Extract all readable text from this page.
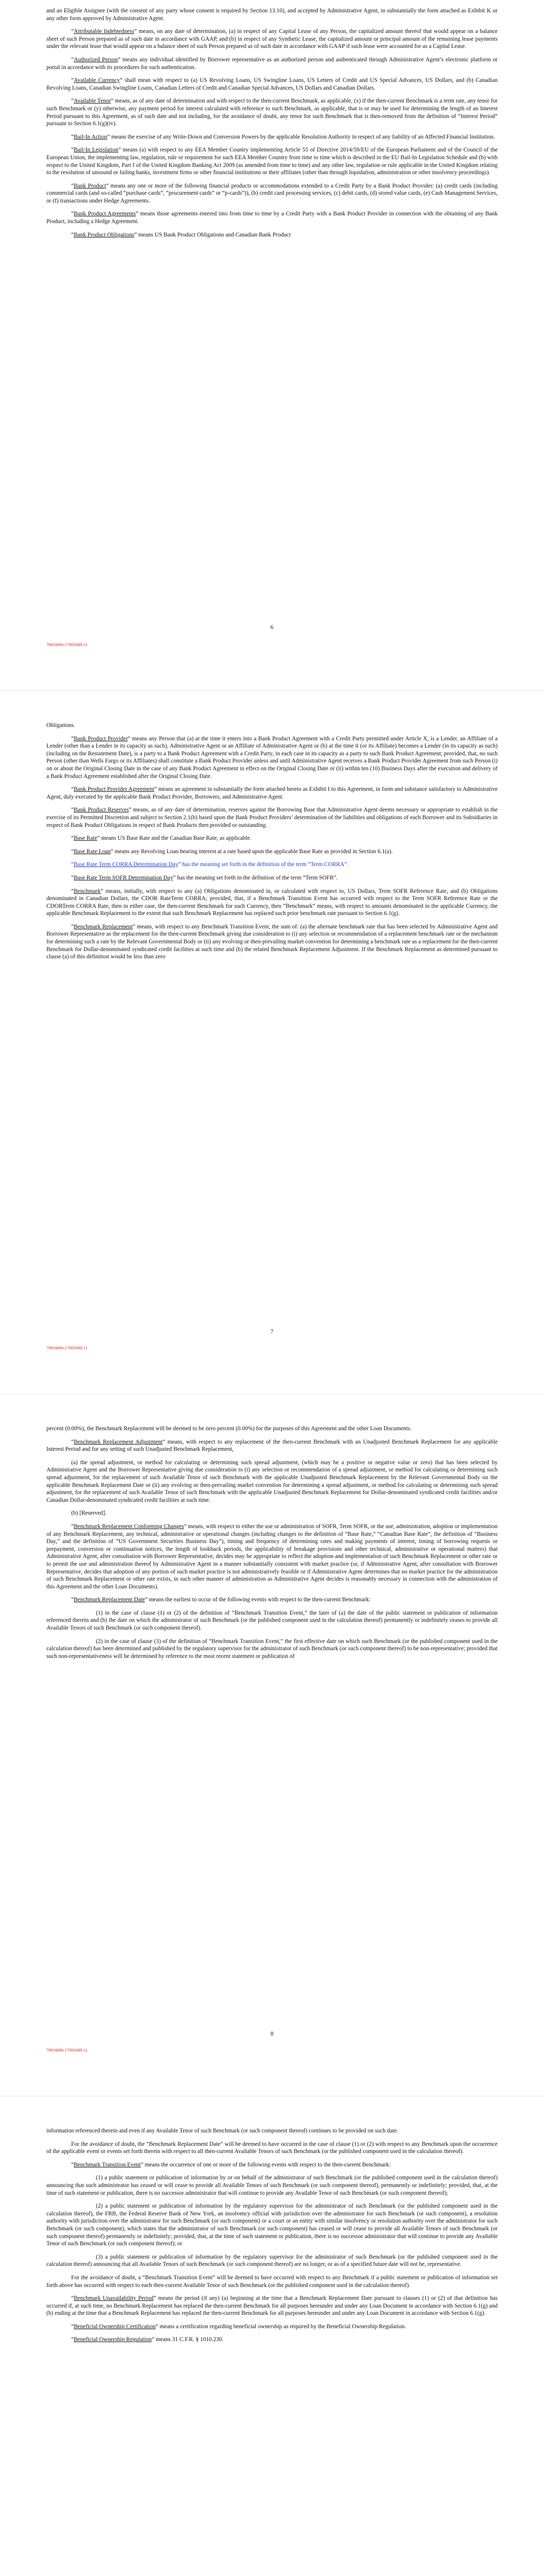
and an Eligible Assignee (with the consent of any party whose consent is required by Section 13.10), and accepted by Administrative Agent, in substantially the form attached as Exhibit K or any other form approved by Administrative Agent.

“Attributable Indebtedness” means, on any date of determination, (a) in respect of any Capital Lease of any Person, the capitalized amount thereof that would appear on a balance sheet of such Person prepared as of such date in accordance with GAAP, and (b) in respect of any Synthetic Lease, the capitalized amount or principal amount of the remaining lease payments under the relevant lease that would appear on a balance sheet of such Person prepared as of such date in accordance with GAAP if such lease were accounted for as a Capital Lease.

“Authorized Person” means any individual identified by Borrower representative as an authorized person and authenticated through Administrative Agent’s electronic platform or portal in accordance with its procedures for such authentication.

“Available Currency” shall mean with respect to (a) US Revolving Loans, US Swingline Loans, US Letters of Credit and US Special Advances, US Dollars, and (b) Canadian Revolving Loans, Canadian Swingline Loans, Canadian Letters of Credit and Canadian Special Advances, US Dollars and Canadian Dollars.

“Available Tenor” means, as of any date of determination and with respect to the then-current Benchmark, as applicable, (x) if the then-current Benchmark is a term rate, any tenor for such Benchmark or (y) otherwise, any payment period for interest calculated with reference to such Benchmark, as applicable, that is or may be used for determining the length of an Interest Period pursuant to this Agreement, as of such date and not including, for the avoidance of doubt, any tenor for such Benchmark that is then-removed from the definition of “Interest Period” pursuant to Section 6.1(g)(iv).

“Bail-In Action” means the exercise of any Write-Down and Conversion Powers by the applicable Resolution Authority in respect of any liability of an Affected Financial Institution.

“Bail-In Legislation” means (a) with respect to any EEA Member Country implementing Article 55 of Directive 2014/59/EU of the European Parliament and of the Council of the European Union, the implementing law, regulation, rule or requirement for such EEA Member Country from time to time which is described in the EU Bail-In Legislation Schedule and (b) with respect to the United Kingdom, Part I of the United Kingdom Banking Act 2009 (as amended from time to time) and any other law, regulation or rule applicable in the United Kingdom relating to the resolution of unsound or failing banks, investment firms or other financial institutions or their affiliates (other than through liquidation, administration or other insolvency proceedings).

“Bank Product” means any one or more of the following financial products or accommodations extended to a Credit Party by a Bank Product Provider: (a) credit cards (including commercial cards (and so-called “purchase cards”, “procurement cards” or “p-cards”)), (b) credit card processing services, (c) debit cards, (d) stored value cards, (e) Cash Management Services, or (f) transactions under Hedge Agreements.

“Bank Product Agreements” means those agreements entered into from time to time by a Credit Party with a Bank Product Provider in connection with the obtaining of any Bank Product, including a Hedge Agreement.

“Bank Product Obligations” means US Bank Product Obligations and Canadian Bank Product

6
7001669v.17001669.11

Obligations.

“Bank Product Provider” means any Person that (a) at the time it enters into a Bank Product Agreement with a Credit Party permitted under Article X, is a Lender, an Affiliate of a Lender (other than a Lender in its capacity as such), Administrative Agent or an Affiliate of Administrative Agent or (b) at the time it (or its Affiliate) becomes a Lender (in its capacity as such) (including on the Restatement Date), is a party to a Bank Product Agreement with a Credit Party, in each case in its capacity as a party to such Bank Product Agreement; provided, that, no such Person (other than Wells Fargo or its Affiliates) shall constitute a Bank Product Provider unless and until Administrative Agent receives a Bank Product Provider Agreement from such Person (i) on or about the Original Closing Date in the case of any Bank Product Agreement in effect on the Original Closing Date or (ii) within ten (10) Business Days after the execution and delivery of a Bank Product Agreement established after the Original Closing Date.

“Bank Product Provider Agreement” means an agreement in substantially the form attached hereto as Exhibit I to this Agreement, in form and substance satisfactory to Administrative Agent, duly executed by the applicable Bank Product Provider, Borrowers, and Administrative Agent.

“Bank Product Reserves” means, as of any date of determination, reserves against the Borrowing Base that Administrative Agent deems necessary or appropriate to establish in the exercise of its Permitted Discretion and subject to Section 2.1(b) based upon the Bank Product Providers’ determination of the liabilities and obligations of each Borrower and its Subsidiaries in respect of Bank Product Obligations in respect of Bank Products then provided or outstanding.

“Base Rate” means US Base Rate and the Canadian Base Rate, as applicable.

“Base Rate Loan” means any Revolving Loan bearing interest at a rate based upon the applicable Base Rate as provided in Section 6.1(a).

“Base Rate Term CORRA Determination Day” has the meaning set forth in the definition of the term “Term CORRA”.

“Base Rate Term SOFR Determination Day” has the meaning set forth in the definition of the term “Term SOFR”.

“Benchmark” means, initially, with respect to any (a) Obligations denominated in, or calculated with respect to, US Dollars, Term SOFR Reference Rate, and (b) Obligations denominated in Canadian Dollars, the CDOR RateTerm CORRA; provided, that, if a Benchmark Transition Event has occurred with respect to the Term SOFR Reference Rate or the CDORTerm CORRA Rate, then in either case, the then-current Benchmark for such Currency, then “Benchmark” means, with respect to amounts denominated in the applicable Currency, the applicable Benchmark Replacement to the extent that such Benchmark Replacement has replaced such prior benchmark rate pursuant to Section 6.1(g).

“Benchmark Replacement” means, with respect to any Benchmark Transition Event, the sum of: (a) the alternate benchmark rate that has been selected by Administrative Agent and Borrower Representative as the replacement for the then-current Benchmark giving due consideration to (i) any selection or recommendation of a replacement benchmark rate or the mechanism for determining such a rate by the Relevant Governmental Body or (ii) any evolving or then-prevailing market convention for determining a benchmark rate as a replacement for the then-current Benchmark for Dollar-denominated syndicated credit facilities at such time and (b) the related Benchmark Replacement Adjustment. If the Benchmark Replacement as determined pursuant to clause (a) of this definition would be less than zero

7
7001669v.17001669.11

percent (0.00%), the Benchmark Replacement will be deemed to be zero percent (0.00%) for the purposes of this Agreement and the other Loan Documents.

“Benchmark Replacement Adjustment” means, with respect to any replacement of the then-current Benchmark with an Unadjusted Benchmark Replacement for any applicable Interest Period and for any setting of such Unadjusted Benchmark Replacement,

(a) the spread adjustment, or method for calculating or determining such spread adjustment, (which may be a positive or negative value or zero) that has been selected by Administrative Agent and the Borrower Representative giving due consideration to (i) any selection or recommendation of a spread adjustment, or method for calculating or determining such spread adjustment, for the replacement of such Available Tenor of such Benchmark with the applicable Unadjusted Benchmark Replacement by the Relevant Governmental Body on the applicable Benchmark Replacement Date or (ii) any evolving or then-prevailing market convention for determining a spread adjustment, or method for calculating or determining such spread adjustment, for the replacement of such Available Tenor of such Benchmark with the applicable Unadjusted Benchmark Replacement for Dollar-denominated syndicated credit facilities and/or Canadian Dollar-denominated syndicated credit facilities at such time.

(b) [Reserved].

“Benchmark Replacement Conforming Changes” means, with respect to either the use or administration of SOFR, Term SOFR, or the use, administration, adoption or implementation of any Benchmark Replacement, any technical, administrative or operational changes (including changes to the definition of “Base Rate,” “Canadian Base Rate”, the definition of “Business Day,” and the definition of “US Government Securities Business Day”), timing and frequency of determining rates and making payments of interest, timing of borrowing requests or prepayment, conversion or continuation notices, the length of lookback periods, the applicability of breakage provisions and other technical, administrative or operational matters) that Administrative Agent, after consultation with Borrower Representative, decides may be appropriate to reflect the adoption and implementation of such Benchmark Replacement or other rate or to permit the use and administration thereof by Administrative Agent in a manner substantially consistent with market practice (or, if Administrative Agent, after consultation with Borrower Representative, decides that adoption of any portion of such market practice is not administratively feasible or if Administrative Agent determines that no market practice for the administration of such Benchmark Replacement or other rate exists, in such other manner of administration as Administrative Agent decides is reasonably necessary in connection with the administration of this Agreement and the other Loan Documents).

“Benchmark Replacement Date” means the earliest to occur of the following events with respect to the then-current Benchmark:

(1) in the case of clause (1) or (2) of the definition of “Benchmark Transition Event,” the later of (a) the date of the public statement or publication of information referenced therein and (b) the date on which the administrator of such Benchmark (or the published component used in the calculation thereof) permanently or indefinitely ceases to provide all Available Tenors of such Benchmark (or such component thereof).

(2) in the case of clause (3) of the definition of “Benchmark Transition Event,” the first effective date on which such Benchmark (or the published component used in the calculation thereof) has been determined and published by the regulatory supervisor for the administrator of such Benchmark (or such component thereof) to be non-representative; provided that such non-representativeness will be determined by reference to the most recent statement or publication of

8
7001669v.17001669.11

information referenced therein and even if any Available Tenor of such Benchmark (or such component thereof) continues to be provided on such date.

For the avoidance of doubt, the “Benchmark Replacement Date” will be deemed to have occurred in the case of clause (1) or (2) with respect to any Benchmark upon the occurrence of the applicable event or events set forth therein with respect to all then-current Available Tenors of such Benchmark (or the published component used in the calculation thereof).

“Benchmark Transition Event” means the occurrence of one or more of the following events with respect to the then-current Benchmark:

(1) a public statement or publication of information by or on behalf of the administrator of such Benchmark (or the published component used in the calculation thereof) announcing that such administrator has ceased or will cease to provide all Available Tenors of such Benchmark (or such component thereof), permanently or indefinitely; provided, that, at the time of such statement or publication, there is no successor administrator that will continue to provide any Available Tenor of such Benchmark (or such component thereof);

(2) a public statement or publication of information by the regulatory supervisor for the administrator of such Benchmark (or the published component used in the calculation thereof), the FRB, the Federal Reserve Bank of New York, an insolvency official with jurisdiction over the administrator for such Benchmark (or such component), a resolution authority with jurisdiction over the administrator for such Benchmark (or such component) or a court or an entity with similar insolvency or resolution authority over the administrator for such Benchmark (or such component), which states that the administrator of such Benchmark (or such component) has ceased or will cease to provide all Available Tenors of such Benchmark (or such component thereof) permanently or indefinitely; provided, that, at the time of such statement or publication, there is no successor administrator that will continue to provide any Available Tenor of such Benchmark (or such component thereof); or

(3) a public statement or publication of information by the regulatory supervisor for the administrator of such Benchmark (or the published component used in the calculation thereof) announcing that all Available Tenors of such Benchmark (or such component thereof) are no longer, or as of a specified future date will not be, representative.

For the avoidance of doubt, a “Benchmark Transition Event” will be deemed to have occurred with respect to any Benchmark if a public statement or publication of information set forth above has occurred with respect to each then-current Available Tenor of such Benchmark (or the published component used in the calculation thereof).

“Benchmark Unavailability Period” means the period (if any) (a) beginning at the time that a Benchmark Replacement Date pursuant to clauses (1) or (2) of that definition has occurred if, at such time, no Benchmark Replacement has replaced the then-current Benchmark for all purposes hereunder and under any Loan Document in accordance with Section 6.1(g) and (b) ending at the time that a Benchmark Replacement has replaced the then-current Benchmark for all purposes hereunder and under any Loan Document in accordance with Section 6.1(g).

“Beneficial Ownership Certification” means a certification regarding beneficial ownership as required by the Beneficial Ownership Regulation.

“Beneficial Ownership Regulation” means 31 C.F.R. § 1010.230.
